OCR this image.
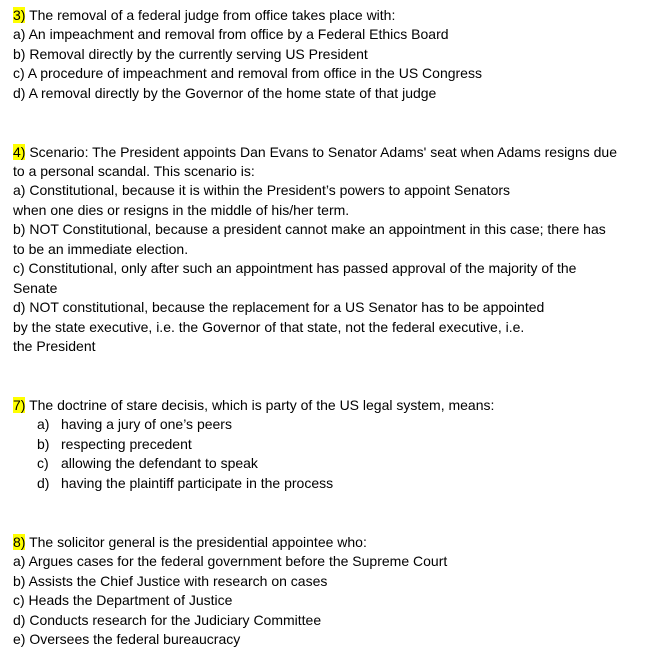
3) The removal of a federal judge from office takes place with:
a) An impeachment and removal from office by a Federal Ethics Board
b) Removal directly by the currently serving US President
c) A procedure of impeachment and removal from office in the US Congress
d) A removal directly by the Governor of the home state of that judge
4) Scenario: The President appoints Dan Evans to Senator Adams' seat when Adams resigns due
to a personal scandal. This scenario is:
a) Constitutional, because it is within the President’s powers to appoint Senators
when one dies or resigns in the middle of his/her term.
b) NOT Constitutional, because a president cannot make an appointment in this case; there has
to be an immediate election.
c) Constitutional, only after such an appointment has passed approval of the majority of the
Senate
d) NOT constitutional, because the replacement for a US Senator has to be appointed
by the state executive, i.e. the Governor of that state, not the federal executive, i.e.
the President
7) The doctrine of stare decisis, which is party of the US legal system, means:
a) having a jury of one’s peers
b) respecting precedent
c) allowing the defendant to speak
d) having the plaintiff participate in the process
8) The solicitor general is the presidential appointee who:
a) Argues cases for the federal government before the Supreme Court
b) Assists the Chief Justice with research on cases
c) Heads the Department of Justice
d) Conducts research for the Judiciary Committee
e) Oversees the federal bureaucracy
